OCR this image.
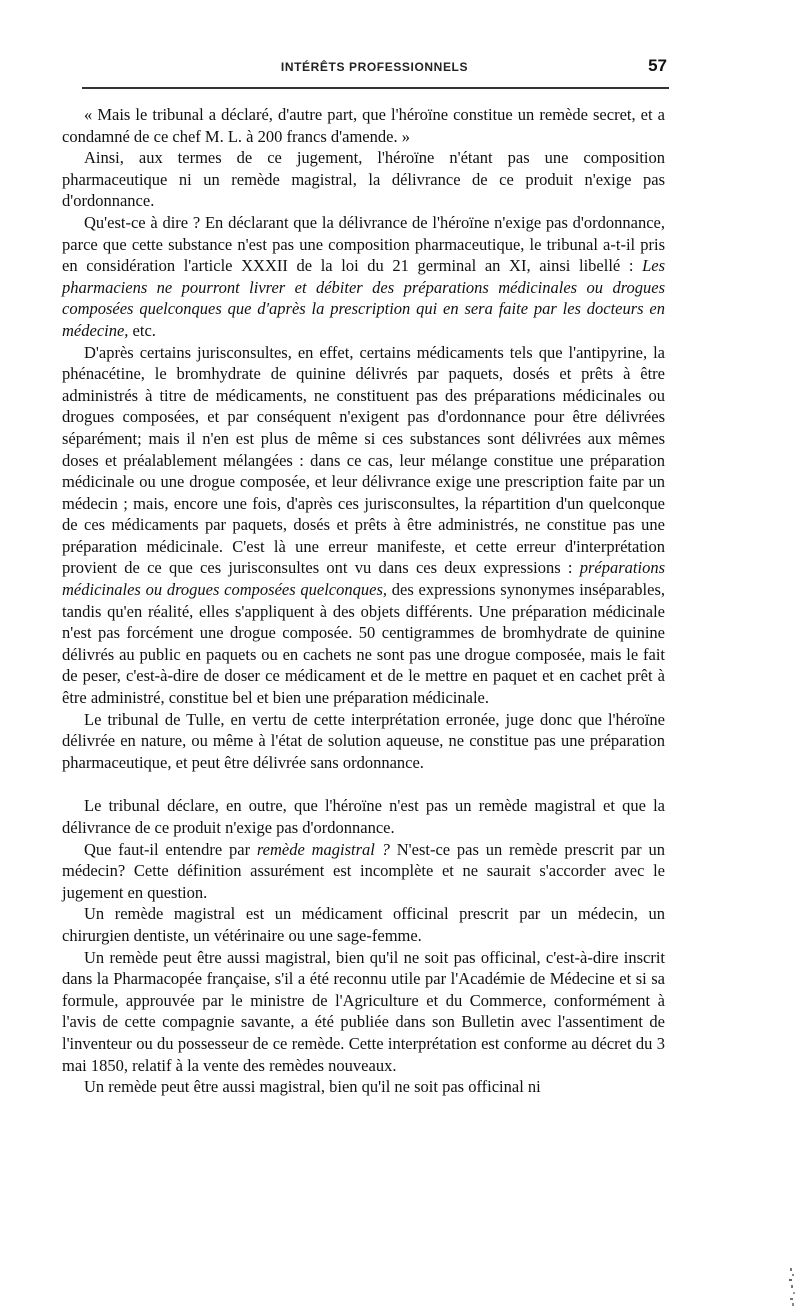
INTÉRÊTS PROFESSIONNELS	57

« Mais le tribunal a déclaré, d'autre part, que l'héroïne constitue un remède secret, et a condamné de ce chef M. L. à 200 francs d'amende. »

Ainsi, aux termes de ce jugement, l'héroïne n'étant pas une composition pharmaceutique ni un remède magistral, la délivrance de ce produit n'exige pas d'ordonnance.

Qu'est-ce à dire ? En déclarant que la délivrance de l'héroïne n'exige pas d'ordonnance, parce que cette substance n'est pas une composition pharmaceutique, le tribunal a-t-il pris en considération l'article XXXII de la loi du 21 germinal an XI, ainsi libellé : Les pharmaciens ne pourront livrer et débiter des préparations médicinales ou drogues composées quelconques que d'après la prescription qui en sera faite par les docteurs en médecine, etc.

D'après certains jurisconsultes, en effet, certains médicaments tels que l'antipyrine, la phénacétine, le bromhydrate de quinine délivrés par paquets, dosés et prêts à être administrés à titre de médicaments, ne constituent pas des préparations médicinales ou drogues composées, et par conséquent n'exigent pas d'ordonnance pour être délivrées séparément; mais il n'en est plus de même si ces substances sont délivrées aux mêmes doses et préalablement mélangées : dans ce cas, leur mélange constitue une préparation médicinale ou une drogue composée, et leur délivrance exige une prescription faite par un médecin ; mais, encore une fois, d'après ces jurisconsultes, la répartition d'un quelconque de ces médicaments par paquets, dosés et prêts à être administrés, ne constitue pas une préparation médicinale. C'est là une erreur manifeste, et cette erreur d'interprétation provient de ce que ces jurisconsultes ont vu dans ces deux expressions : préparations médicinales ou drogues composées quelconques, des expressions synonymes inséparables, tandis qu'en réalité, elles s'appliquent à des objets différents. Une préparation médicinale n'est pas forcément une drogue composée. 50 centigrammes de bromhydrate de quinine délivrés au public en paquets ou en cachets ne sont pas une drogue composée, mais le fait de peser, c'est-à-dire de doser ce médicament et de le mettre en paquet et en cachet prêt à être administré, constitue bel et bien une préparation médicinale.

Le tribunal de Tulle, en vertu de cette interprétation erronée, juge donc que l'héroïne délivrée en nature, ou même à l'état de solution aqueuse, ne constitue pas une préparation pharmaceutique, et peut être délivrée sans ordonnance.

Le tribunal déclare, en outre, que l'héroïne n'est pas un remède magistral et que la délivrance de ce produit n'exige pas d'ordonnance.

Que faut-il entendre par remède magistral ? N'est-ce pas un remède prescrit par un médecin? Cette définition assurément est incomplète et ne saurait s'accorder avec le jugement en question.

Un remède magistral est un médicament officinal prescrit par un médecin, un chirurgien dentiste, un vétérinaire ou une sage-femme.

Un remède peut être aussi magistral, bien qu'il ne soit pas officinal, c'est-à-dire inscrit dans la Pharmacopée française, s'il a été reconnu utile par l'Académie de Médecine et si sa formule, approuvée par le ministre de l'Agriculture et du Commerce, conformément à l'avis de cette compagnie savante, a été publiée dans son Bulletin avec l'assentiment de l'inventeur ou du possesseur de ce remède. Cette interprétation est conforme au décret du 3 mai 1850, relatif à la vente des remèdes nouveaux.

Un remède peut être aussi magistral, bien qu'il ne soit pas officinal ni
